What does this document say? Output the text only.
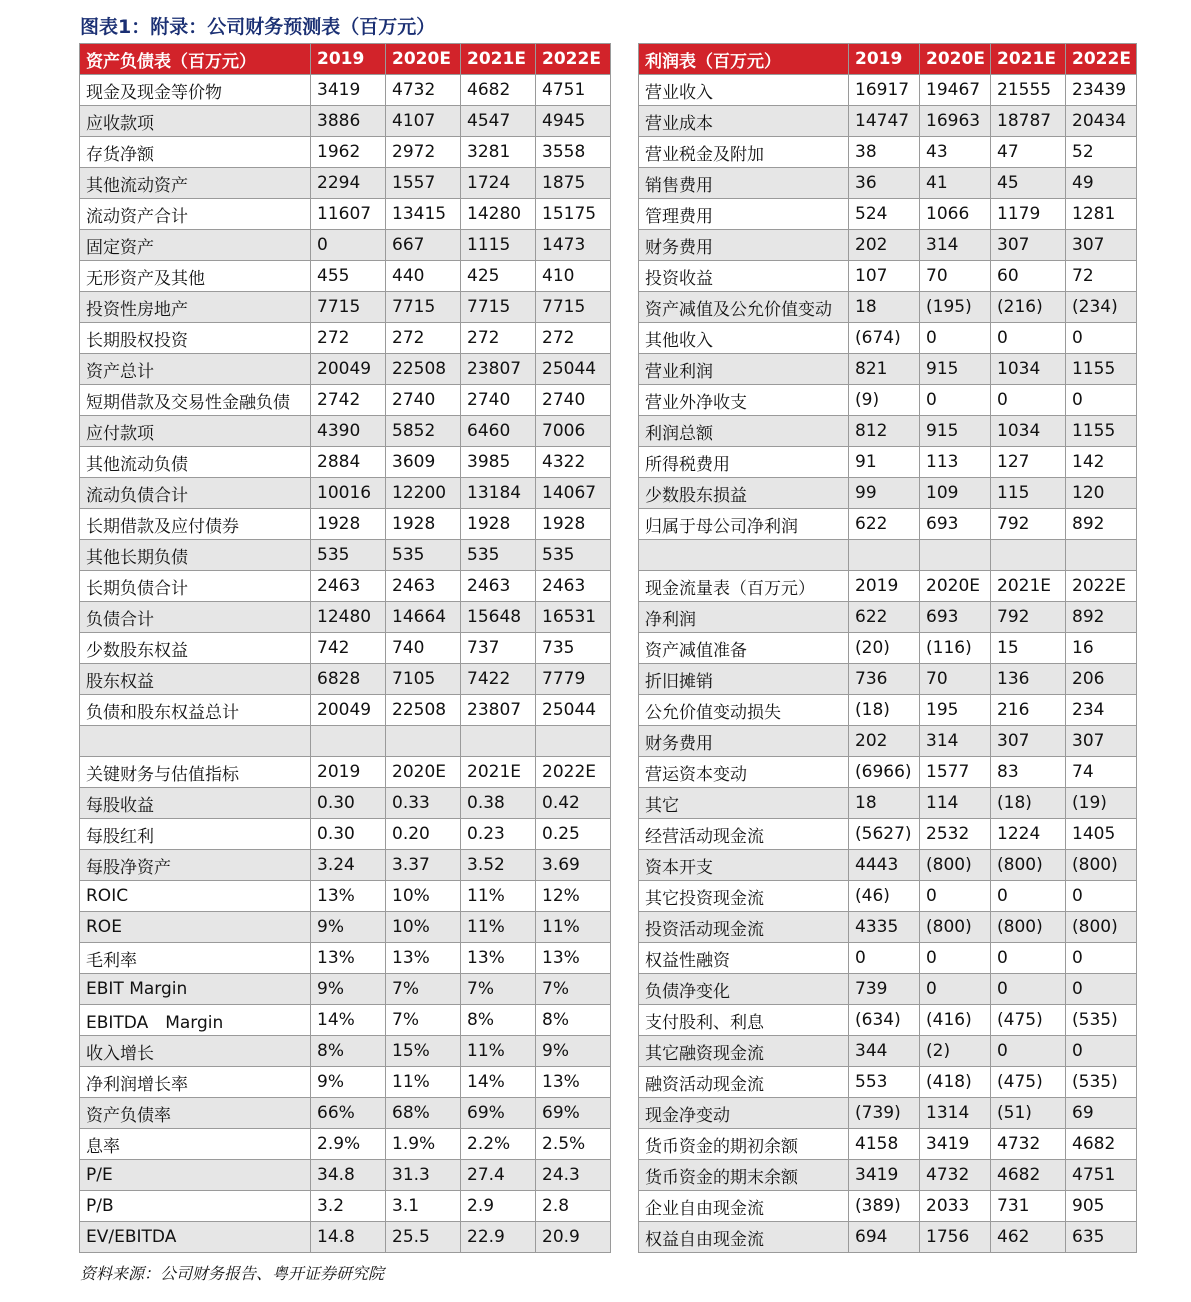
图表1：附录：公司财务预测表（百万元）
资产负债表（百万元）	2019	2020E	2021E	2022E		利润表（百万元）	2019	2020E	2021E	2022E
现金及现金等价物	3419	4732	4682	4751		营业收入	16917	19467	21555	23439
应收款项	3886	4107	4547	4945		营业成本	14747	16963	18787	20434
存货净额	1962	2972	3281	3558		营业税金及附加	38	43	47	52
其他流动资产	2294	1557	1724	1875		销售费用	36	41	45	49
流动资产合计	11607	13415	14280	15175		管理费用	524	1066	1179	1281
固定资产	0	667	1115	1473		财务费用	202	314	307	307
无形资产及其他	455	440	425	410		投资收益	107	70	60	72
投资性房地产	7715	7715	7715	7715		资产减值及公允价值变动	18	(195)	(216)	(234)
长期股权投资	272	272	272	272		其他收入	(674)	0	0	0
资产总计	20049	22508	23807	25044		营业利润	821	915	1034	1155
短期借款及交易性金融负债	2742	2740	2740	2740		营业外净收支	(9)	0	0	0
应付款项	4390	5852	6460	7006		利润总额	812	915	1034	1155
其他流动负债	2884	3609	3985	4322		所得税费用	91	113	127	142
流动负债合计	10016	12200	13184	14067		少数股东损益	99	109	115	120
长期借款及应付债券	1928	1928	1928	1928		归属于母公司净利润	622	693	792	892
其他长期负债	535	535	535	535						
长期负债合计	2463	2463	2463	2463		现金流量表（百万元）	2019	2020E	2021E	2022E
负债合计	12480	14664	15648	16531		净利润	622	693	792	892
少数股东权益	742	740	737	735		资产减值准备	(20)	(116)	15	16
股东权益	6828	7105	7422	7779		折旧摊销	736	70	136	206
负债和股东权益总计	20049	22508	23807	25044		公允价值变动损失	(18)	195	216	234
						财务费用	202	314	307	307
关键财务与估值指标	2019	2020E	2021E	2022E		营运资本变动	(6966)	1577	83	74
每股收益	0.30	0.33	0.38	0.42		其它	18	114	(18)	(19)
每股红利	0.30	0.20	0.23	0.25		经营活动现金流	(5627)	2532	1224	1405
每股净资产	3.24	3.37	3.52	3.69		资本开支	4443	(800)	(800)	(800)
ROIC	13%	10%	11%	12%		其它投资现金流	(46)	0	0	0
ROE	9%	10%	11%	11%		投资活动现金流	4335	(800)	(800)	(800)
毛利率	13%	13%	13%	13%		权益性融资	0	0	0	0
EBIT Margin	9%	7%	7%	7%		负债净变化	739	0	0	0
EBITDA　Margin	14%	7%	8%	8%		支付股利、利息	(634)	(416)	(475)	(535)
收入增长	8%	15%	11%	9%		其它融资现金流	344	(2)	0	0
净利润增长率	9%	11%	14%	13%		融资活动现金流	553	(418)	(475)	(535)
资产负债率	66%	68%	69%	69%		现金净变动	(739)	1314	(51)	69
息率	2.9%	1.9%	2.2%	2.5%		货币资金的期初余额	4158	3419	4732	4682
P/E	34.8	31.3	27.4	24.3		货币资金的期末余额	3419	4732	4682	4751
P/B	3.2	3.1	2.9	2.8		企业自由现金流	(389)	2033	731	905
EV/EBITDA	14.8	25.5	22.9	20.9		权益自由现金流	694	1756	462	635
资料来源：公司财务报告、粤开证券研究院
